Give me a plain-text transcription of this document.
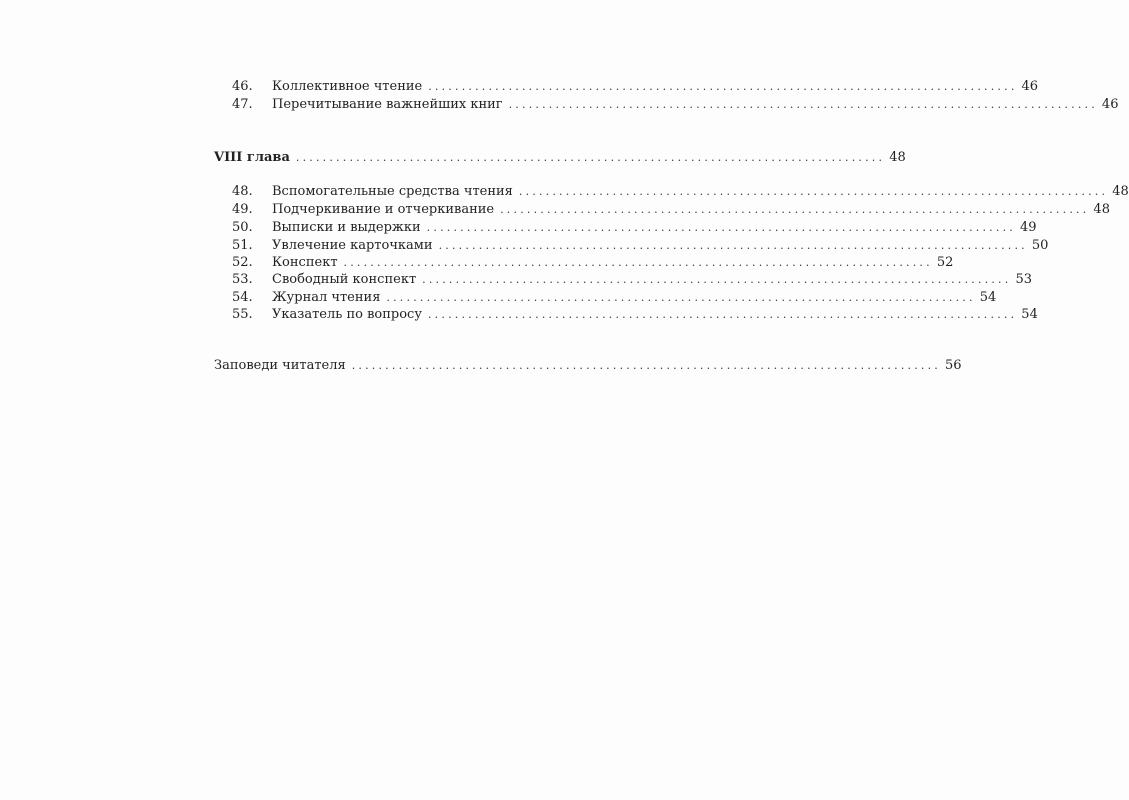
46.	Коллективное чтение ........................................................................................ 46
47.	Перечитывание важнейших книг ........................................................................................ 46
VIII глава ........................................................................................ 48
48.	Вспомогательные средства чтения ........................................................................................ 48
49.	Подчеркивание и отчеркивание ........................................................................................ 48
50.	Выписки и выдержки ........................................................................................ 49
51.	Увлечение карточками ........................................................................................ 50
52.	Конспект ........................................................................................ 52
53.	Свободный конспект ........................................................................................ 53
54.	Журнал чтения ........................................................................................ 54
55.	Указатель по вопросу ........................................................................................ 54
Заповеди читателя ........................................................................................ 56
